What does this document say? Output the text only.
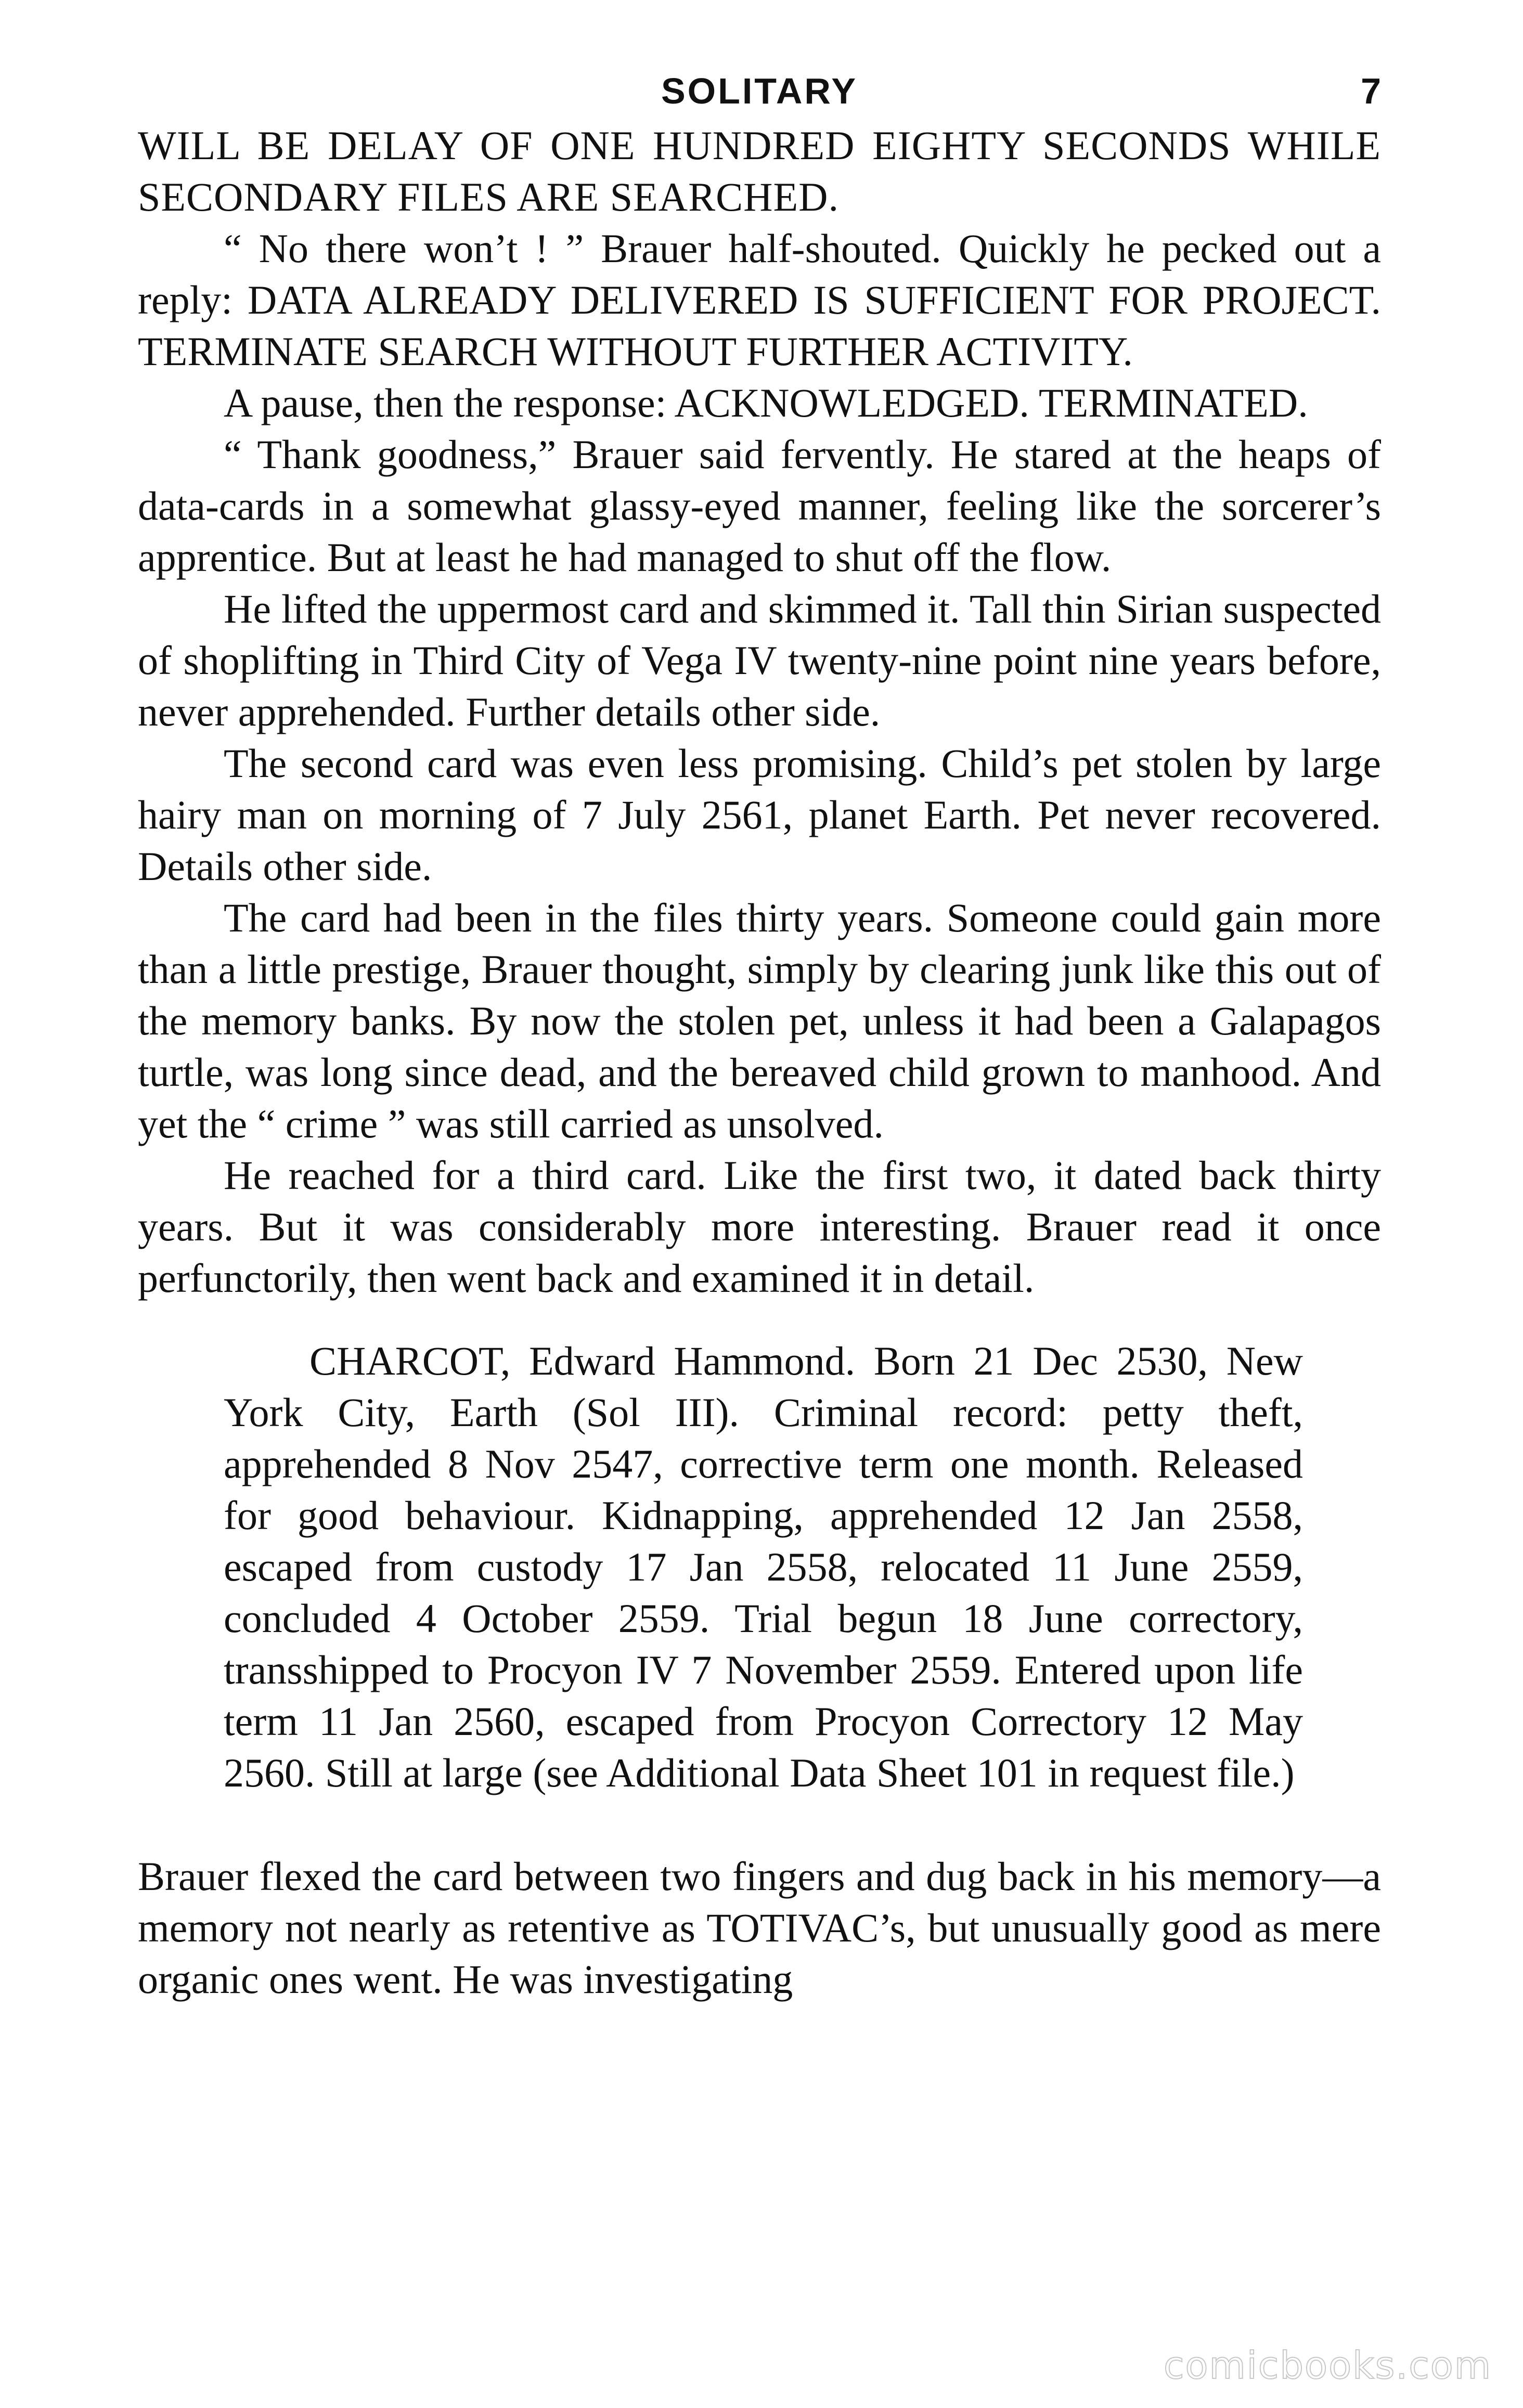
SOLITARY	7

WILL BE DELAY OF ONE HUNDRED EIGHTY SECONDS WHILE SECONDARY FILES ARE SEARCHED.

“ No there won’t ! ” Brauer half-shouted. Quickly he pecked out a reply: DATA ALREADY DELIVERED IS SUFFICIENT FOR PROJECT. TERMINATE SEARCH WITHOUT FURTHER ACTIVITY.

A pause, then the response: ACKNOWLEDGED. TERMINATED.

“ Thank goodness,” Brauer said fervently. He stared at the heaps of data-cards in a somewhat glassy-eyed manner, feeling like the sorcerer’s apprentice. But at least he had managed to shut off the flow.

He lifted the uppermost card and skimmed it. Tall thin Sirian suspected of shoplifting in Third City of Vega IV twenty-nine point nine years before, never apprehended. Further details other side.

The second card was even less promising. Child’s pet stolen by large hairy man on morning of 7 July 2561, planet Earth. Pet never recovered. Details other side.

The card had been in the files thirty years. Someone could gain more than a little prestige, Brauer thought, simply by clearing junk like this out of the memory banks. By now the stolen pet, unless it had been a Galapagos turtle, was long since dead, and the bereaved child grown to manhood. And yet the “ crime ” was still carried as unsolved.

He reached for a third card. Like the first two, it dated back thirty years. But it was considerably more interesting. Brauer read it once perfunctorily, then went back and examined it in detail.

CHARCOT, Edward Hammond. Born 21 Dec 2530, New York City, Earth (Sol III). Criminal record: petty theft, apprehended 8 Nov 2547, corrective term one month. Released for good behaviour. Kidnapping, apprehended 12 Jan 2558, escaped from custody 17 Jan 2558, relocated 11 June 2559, concluded 4 October 2559. Trial begun 18 June correctory, transshipped to Procyon IV 7 November 2559. Entered upon life term 11 Jan 2560, escaped from Procyon Correctory 12 May 2560. Still at large (see Additional Data Sheet 101 in request file.)

Brauer flexed the card between two fingers and dug back in his memory—a memory not nearly as retentive as TOTIVAC’s, but unusually good as mere organic ones went. He was investigating

comicbooks.com
